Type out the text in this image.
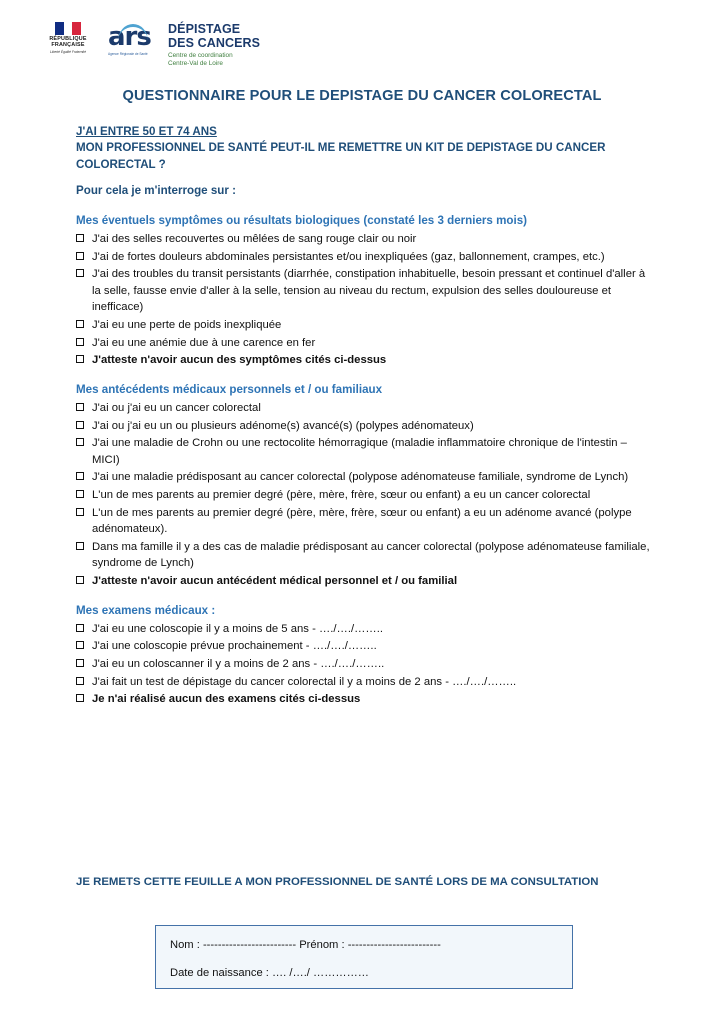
RÉPUBLIQUE FRANÇAISE
Liberté Égalité Fraternité
ars
Agence Régionale de Santé
DÉPISTAGE
DES CANCERS
Centre de coordination
Centre-Val de Loire
QUESTIONNAIRE POUR LE DEPISTAGE DU CANCER COLORECTAL
J'AI ENTRE 50 ET 74 ANS
MON PROFESSIONNEL DE SANTÉ PEUT-IL ME REMETTRE UN KIT DE DEPISTAGE DU CANCER COLORECTAL ?
Pour cela je m'interroge sur :
Mes éventuels symptômes ou résultats biologiques (constaté les 3 derniers mois)
J'ai des selles recouvertes ou mêlées de sang rouge clair ou noir
J'ai de fortes douleurs abdominales persistantes et/ou inexpliquées (gaz, ballonnement, crampes, etc.)
J'ai des troubles du transit persistants (diarrhée, constipation inhabituelle, besoin pressant et continuel d'aller à la selle, fausse envie d'aller à la selle, tension au niveau du rectum, expulsion des selles douloureuse et inefficace)
J'ai eu une perte de poids inexpliquée
J'ai eu une anémie due à une carence en fer
J'atteste n'avoir aucun des symptômes cités ci-dessus
Mes antécédents médicaux personnels et / ou familiaux
J'ai ou j'ai eu un cancer colorectal
J'ai ou j'ai eu un ou plusieurs adénome(s) avancé(s) (polypes adénomateux)
J'ai une maladie de Crohn ou une rectocolite hémorragique (maladie inflammatoire chronique de l'intestin – MICI)
J'ai une maladie prédisposant au cancer colorectal (polypose adénomateuse familiale, syndrome de Lynch)
L'un de mes parents au premier degré (père, mère, frère, sœur ou enfant) a eu un cancer colorectal
L'un de mes parents au premier degré (père, mère, frère, sœur ou enfant) a eu un adénome avancé (polype adénomateux).
Dans ma famille il y a des cas de maladie prédisposant au cancer colorectal (polypose adénomateuse familiale, syndrome de Lynch)
J'atteste n'avoir aucun antécédent médical personnel et / ou familial
Mes examens médicaux :
J'ai eu une coloscopie il y a moins de 5 ans - …./…./……..
J'ai une coloscopie prévue prochainement - …./…./……..
J'ai eu un coloscanner il y a moins de 2 ans - …./…./……..
J'ai fait un test de dépistage du cancer colorectal il y a moins de 2 ans - …./…./……..
Je n'ai réalisé aucun des examens cités ci-dessus
JE REMETS CETTE FEUILLE A MON PROFESSIONNEL DE SANTÉ LORS DE MA CONSULTATION
Nom : ------------------------- Prénom : -------------------------
Date de naissance : …. /…./ ……………
